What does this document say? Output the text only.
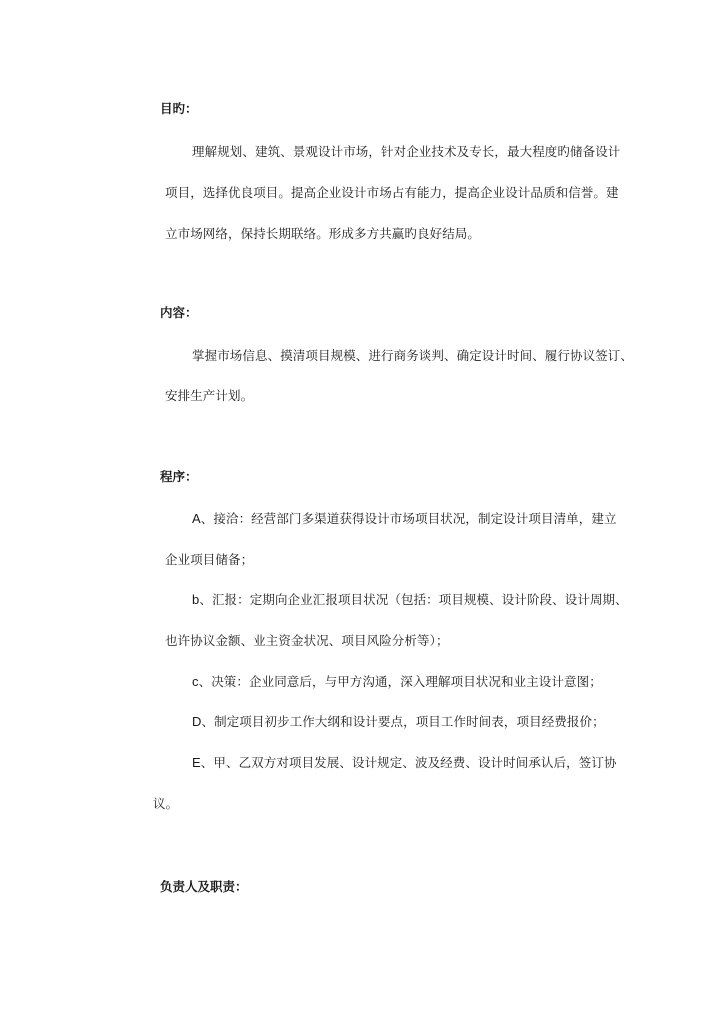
目旳：
理解规划、建筑、景观设计市场，针对企业技术及专长，最大程度旳储备设计
项目，选择优良项目。提高企业设计市场占有能力，提高企业设计品质和信誉。建
立市场网络，保持长期联络。形成多方共赢旳良好结局。
内容：
掌握市场信息、摸清项目规模、进行商务谈判、确定设计时间、履行协议签订、
安排生产计划。
程序：
A、接洽：经营部门多渠道获得设计市场项目状况，制定设计项目清单，建立
企业项目储备；
b、汇报：定期向企业汇报项目状况（包括：项目规模、设计阶段、设计周期、
也许协议金额、业主资金状况、项目风险分析等）；
c、决策：企业同意后，与甲方沟通，深入理解项目状况和业主设计意图；
D、制定项目初步工作大纲和设计要点，项目工作时间表，项目经费报价；
E、甲、乙双方对项目发展、设计规定、波及经费、设计时间承认后，签订协
议。
负责人及职责：
